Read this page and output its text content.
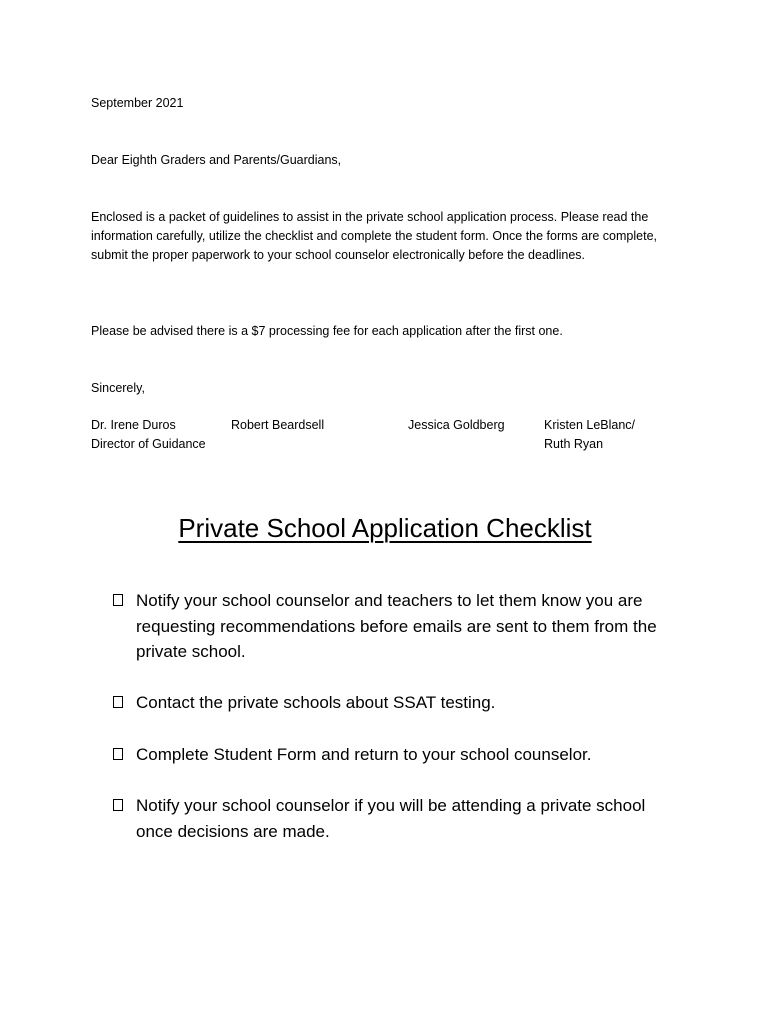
September 2021
Dear Eighth Graders and Parents/Guardians,
Enclosed is a packet of guidelines to assist in the private school application process. Please read the information carefully, utilize the checklist and complete the student form. Once the forms are complete, submit the proper paperwork to your school counselor electronically before the deadlines.
Please be advised there is a $7 processing fee for each application after the first one.
Sincerely,
Dr. Irene Duros
Director of Guidance
Robert Beardsell	Jessica Goldberg	Kristen LeBlanc/
Ruth Ryan
Private School Application Checklist
Notify your school counselor and teachers to let them know you are requesting recommendations before emails are sent to them from the private school.
Contact the private schools about SSAT testing.
Complete Student Form and return to your school counselor.
Notify your school counselor if you will be attending a private school once decisions are made.
